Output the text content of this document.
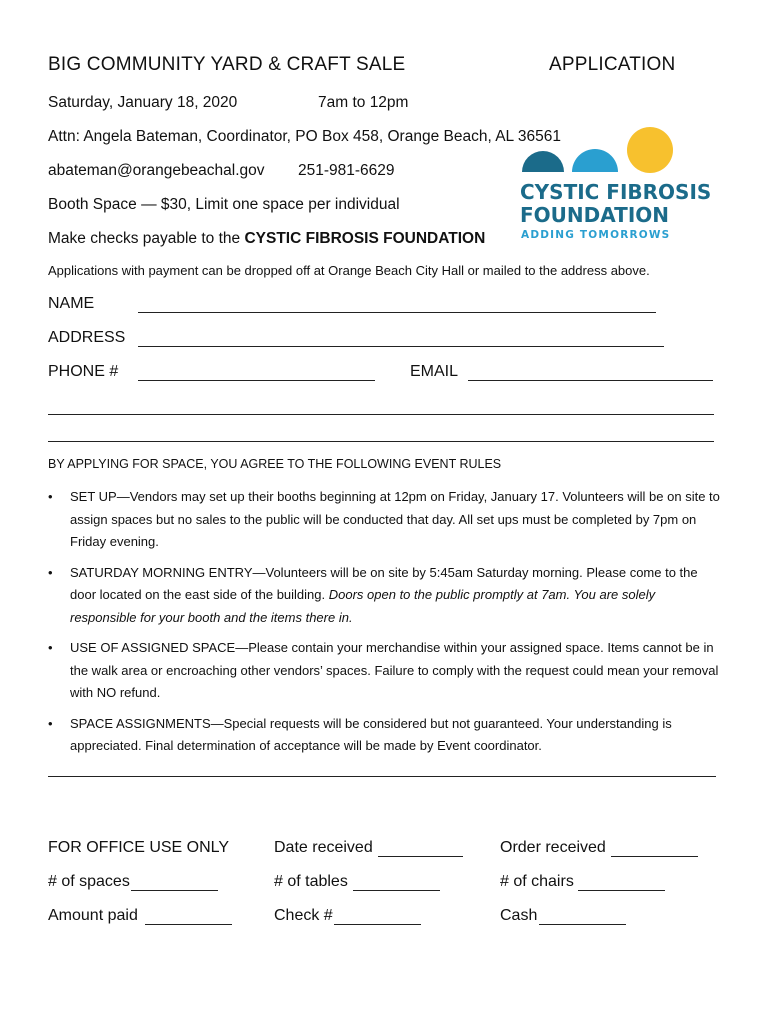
BIG COMMUNITY YARD & CRAFT SALE	APPLICATION
Saturday, January 18, 2020	7am to 12pm
Attn: Angela Bateman, Coordinator, PO Box 458, Orange Beach, AL 36561
abateman@orangebeachal.gov 251-981-6629
Booth Space — $30, Limit one space per individual
Make checks payable to the CYSTIC FIBROSIS FOUNDATION
Applications with payment can be dropped off at Orange Beach City Hall or mailed to the address above.
CYSTIC FIBROSIS
FOUNDATION
ADDING TOMORROWS
NAME
ADDRESS
PHONE #	EMAIL
BY APPLYING FOR SPACE, YOU AGREE TO THE FOLLOWING EVENT RULES
• SET UP—Vendors may set up their booths beginning at 12pm on Friday, January 17. Volunteers will be on site to assign spaces but no sales to the public will be conducted that day. All set ups must be completed by 7pm on Friday evening.
• SATURDAY MORNING ENTRY—Volunteers will be on site by 5:45am Saturday morning. Please come to the door located on the east side of the building. Doors open to the public promptly at 7am. You are solely responsible for your booth and the items there in.
• USE OF ASSIGNED SPACE—Please contain your merchandise within your assigned space. Items cannot be in the walk area or encroaching other vendors’ spaces. Failure to comply with the request could mean your removal with NO refund.
• SPACE ASSIGNMENTS—Special requests will be considered but not guaranteed. Your understanding is appreciated. Final determination of acceptance will be made by Event coordinator.
FOR OFFICE USE ONLY	Date received	Order received
# of spaces	# of tables	# of chairs
Amount paid	Check #	Cash
